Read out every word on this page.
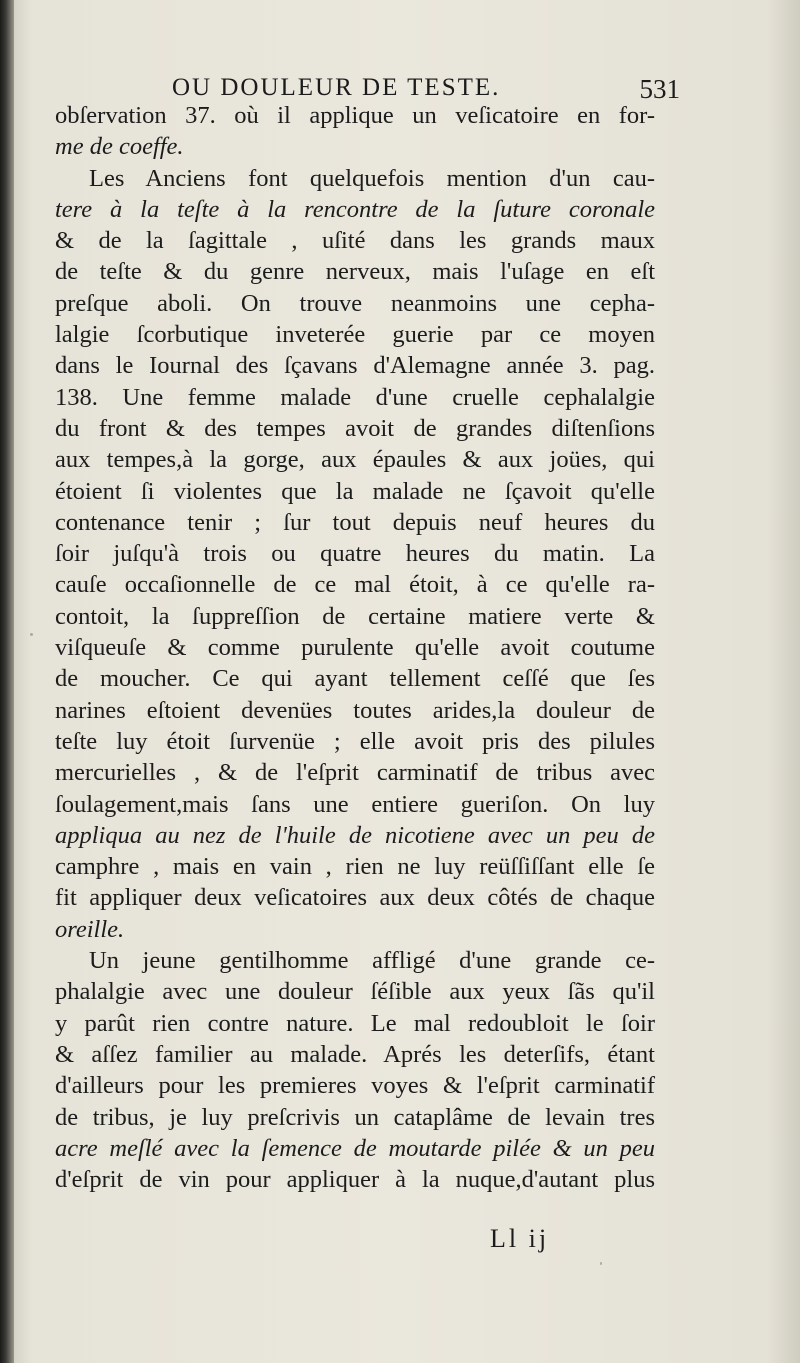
OU DOULEUR DE TESTE.	531
obſervation 37. où il applique un veſicatoire en for-
me de coeffe.
Les Anciens font quelquefois mention d'un cau-
tere à la teſte à la rencontre de la ſuture coronale
& de la ſagittale , uſité dans les grands maux
de teſte & du genre nerveux, mais l'uſage en eſt
preſque aboli. On trouve neanmoins une cepha-
lalgie ſcorbutique inveterée guerie par ce moyen
dans le Iournal des ſçavans d'Alemagne année 3. pag.
138. Une femme malade d'une cruelle cephalalgie
du front & des tempes avoit de grandes diſtenſions
aux tempes,à la gorge, aux épaules & aux joües, qui
étoient ſi violentes que la malade ne ſçavoit qu'elle
contenance tenir ; ſur tout depuis neuf heures du
ſoir juſqu'à trois ou quatre heures du matin. La
cauſe occaſionnelle de ce mal étoit, à ce qu'elle ra-
contoit, la ſuppreſſion de certaine matiere verte &
viſqueuſe & comme purulente qu'elle avoit coutume
de moucher. Ce qui ayant tellement ceſſé que ſes
narines eſtoient devenües toutes arides,la douleur de
teſte luy étoit ſurvenüe ; elle avoit pris des pilules
mercurielles , & de l'eſprit carminatif de tribus avec
ſoulagement,mais ſans une entiere gueriſon. On luy
appliqua au nez de l'huile de nicotiene avec un peu de
camphre , mais en vain , rien ne luy reüſſiſſant elle ſe
fit appliquer deux veſicatoires aux deux côtés de chaque
oreille.
Un jeune gentilhomme affligé d'une grande ce-
phalalgie avec une douleur ſéſible aux yeux ſãs qu'il
y parût rien contre nature. Le mal redoubloit le ſoir
& aſſez familier au malade. Aprés les deterſifs, étant
d'ailleurs pour les premieres voyes & l'eſprit carminatif
de tribus, je luy preſcrivis un cataplâme de levain tres
acre meſlé avec la ſemence de moutarde pilée & un peu
d'eſprit de vin pour appliquer à la nuque,d'autant plus
Ll ij
